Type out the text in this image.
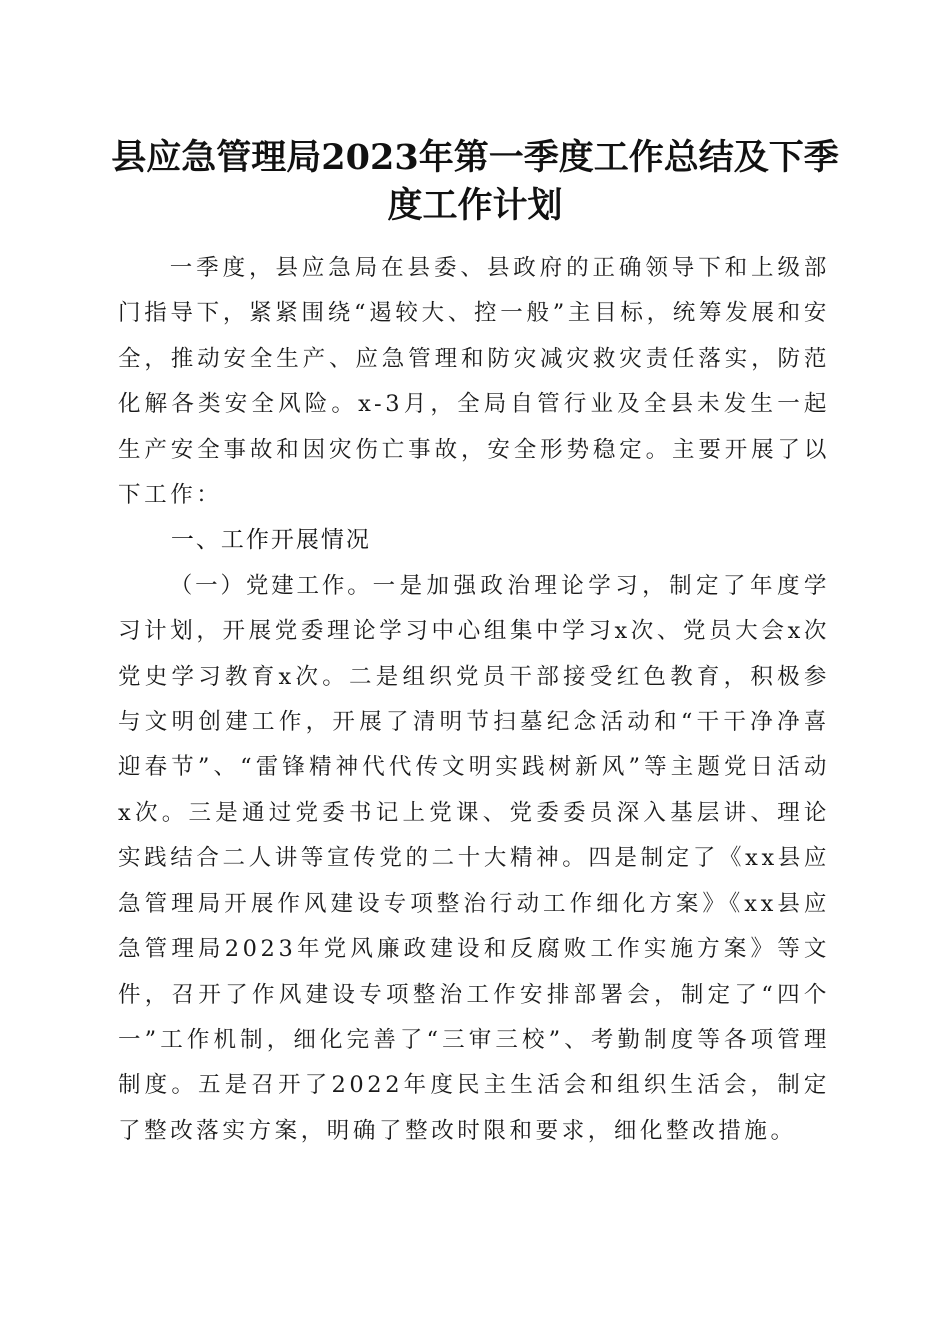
县应急管理局2023年第一季度工作总结及下季度工作计划

一季度，县应急局在县委、县政府的正确领导下和上级部门指导下，紧紧围绕“遏较大、控一般”主目标，统筹发展和安全，推动安全生产、应急管理和防灾减灾救灾责任落实，防范化解各类安全风险。x-3月，全局自管行业及全县未发生一起生产安全事故和因灾伤亡事故，安全形势稳定。主要开展了以下工作：

一、工作开展情况

（一）党建工作。一是加强政治理论学习，制定了年度学习计划，开展党委理论学习中心组集中学习x次、党员大会x次党史学习教育x次。二是组织党员干部接受红色教育，积极参与文明创建工作，开展了清明节扫墓纪念活动和“干干净净喜迎春节”、“雷锋精神代代传文明实践树新风”等主题党日活动x次。三是通过党委书记上党课、党委委员深入基层讲、理论实践结合二人讲等宣传党的二十大精神。四是制定了《xx县应急管理局开展作风建设专项整治行动工作细化方案》《xx县应急管理局2023年党风廉政建设和反腐败工作实施方案》等文件，召开了作风建设专项整治工作安排部署会，制定了“四个一”工作机制，细化完善了“三审三校”、考勤制度等各项管理制度。五是召开了2022年度民主生活会和组织生活会，制定了整改落实方案，明确了整改时限和要求，细化整改措施。
